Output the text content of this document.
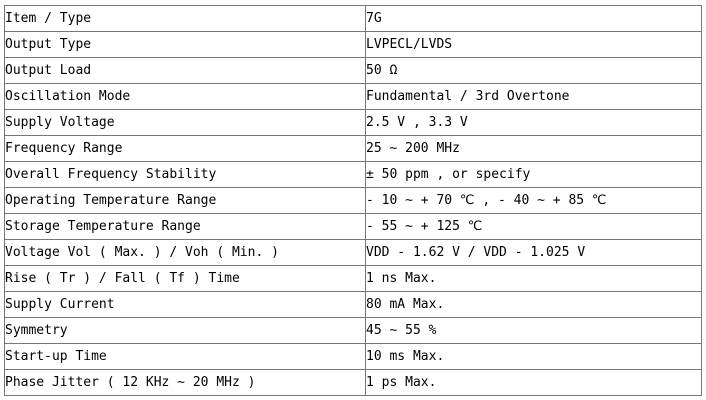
Item / Type	7G
Output Type	LVPECL/LVDS
Output Load	50 Ω
Oscillation Mode	Fundamental / 3rd Overtone
Supply Voltage	2.5 V , 3.3 V
Frequency Range	25 ∼ 200 MHz
Overall Frequency Stability	± 50 ppm , or specify
Operating Temperature Range	- 10 ∼ + 70 ℃ , - 40 ∼ + 85 ℃
Storage Temperature Range	- 55 ∼ + 125 ℃
Voltage Vol ( Max. ) / Voh ( Min. )	VDD - 1.62 V / VDD - 1.025 V
Rise ( Tr ) / Fall ( Tf ) Time	1 ns Max.
Supply Current	80 mA Max.
Symmetry	45 ∼ 55 %
Start-up Time	10 ms Max.
Phase Jitter ( 12 KHz ∼ 20 MHz )	1 ps Max.
